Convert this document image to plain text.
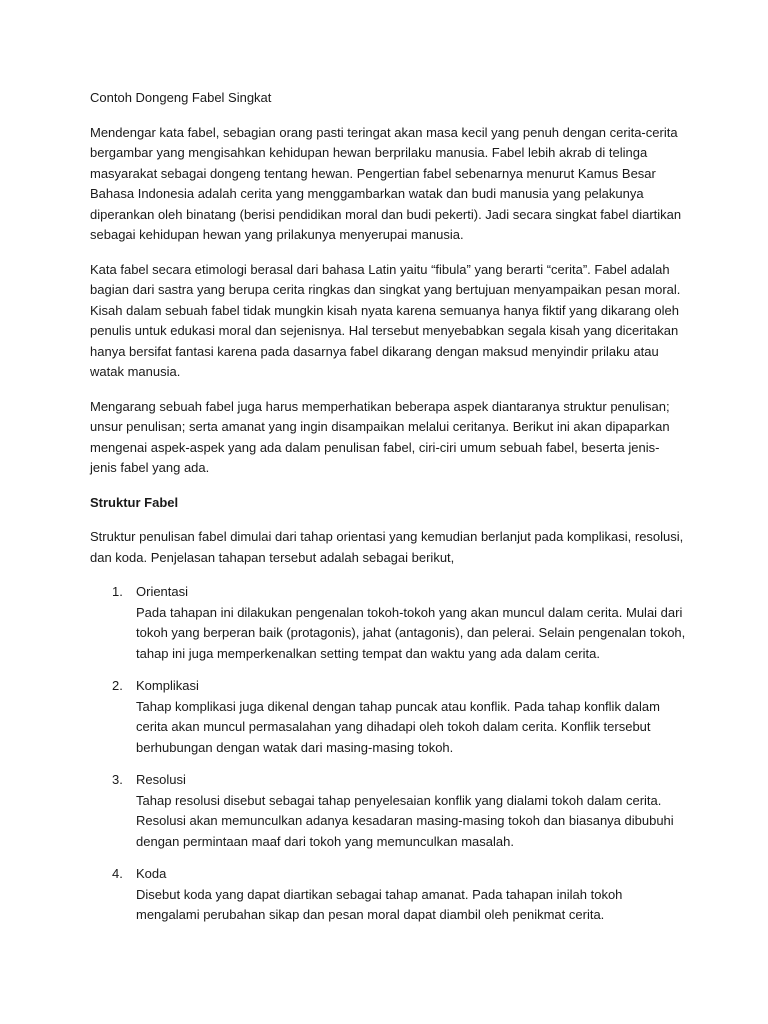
Contoh Dongeng Fabel Singkat

Mendengar kata fabel, sebagian orang pasti teringat akan masa kecil yang penuh dengan cerita-cerita bergambar yang mengisahkan kehidupan hewan berprilaku manusia. Fabel lebih akrab di telinga masyarakat sebagai dongeng tentang hewan. Pengertian fabel sebenarnya menurut Kamus Besar Bahasa Indonesia adalah cerita yang menggambarkan watak dan budi manusia yang pelakunya diperankan oleh binatang (berisi pendidikan moral dan budi pekerti). Jadi secara singkat fabel diartikan sebagai kehidupan hewan yang prilakunya menyerupai manusia.

Kata fabel secara etimologi berasal dari bahasa Latin yaitu “fibula” yang berarti “cerita”. Fabel adalah bagian dari sastra yang berupa cerita ringkas dan singkat yang bertujuan menyampaikan pesan moral. Kisah dalam sebuah fabel tidak mungkin kisah nyata karena semuanya hanya fiktif yang dikarang oleh penulis untuk edukasi moral dan sejenisnya. Hal tersebut menyebabkan segala kisah yang diceritakan hanya bersifat fantasi karena pada dasarnya fabel dikarang dengan maksud menyindir prilaku atau watak manusia.

Mengarang sebuah fabel juga harus memperhatikan beberapa aspek diantaranya struktur penulisan; unsur penulisan; serta amanat yang ingin disampaikan melalui ceritanya. Berikut ini akan dipaparkan mengenai aspek-aspek yang ada dalam penulisan fabel, ciri-ciri umum sebuah fabel, beserta jenis-jenis fabel yang ada.

Struktur Fabel

Struktur penulisan fabel dimulai dari tahap orientasi yang kemudian berlanjut pada komplikasi, resolusi, dan koda. Penjelasan tahapan tersebut adalah sebagai berikut,

1. Orientasi
Pada tahapan ini dilakukan pengenalan tokoh-tokoh yang akan muncul dalam cerita. Mulai dari tokoh yang berperan baik (protagonis), jahat (antagonis), dan pelerai. Selain pengenalan tokoh, tahap ini juga memperkenalkan setting tempat dan waktu yang ada dalam cerita.
2. Komplikasi
Tahap komplikasi juga dikenal dengan tahap puncak atau konflik. Pada tahap konflik dalam cerita akan muncul permasalahan yang dihadapi oleh tokoh dalam cerita. Konflik tersebut berhubungan dengan watak dari masing-masing tokoh.
3. Resolusi
Tahap resolusi disebut sebagai tahap penyelesaian konflik yang dialami tokoh dalam cerita. Resolusi akan memunculkan adanya kesadaran masing-masing tokoh dan biasanya dibubuhi dengan permintaan maaf dari tokoh yang memunculkan masalah.
4. Koda
Disebut koda yang dapat diartikan sebagai tahap amanat. Pada tahapan inilah tokoh mengalami perubahan sikap dan pesan moral dapat diambil oleh penikmat cerita.
